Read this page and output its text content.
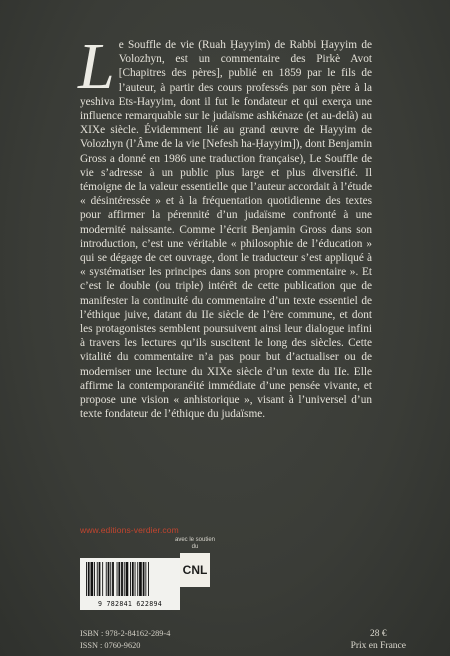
L e Souffle de vie (Ruah Ḥayyim) de Rabbi Ḥayyim de Volozhyn, est un commentaire des Pirkè Avot [Chapitres des pères], publié en 1859 par le fils de l’auteur, à partir des cours professés par son père à la yeshiva Ets-Hayyim, dont il fut le fondateur et qui exerça une influence remarquable sur le judaïsme ashkénaze (et au-delà) au XIXe siècle. Évidemment lié au grand œuvre de Hayyim de Volozhyn (l’Âme de la vie [Nefesh ha-Ḥayyim]), dont Benjamin Gross a donné en 1986 une traduction française), Le Souffle de vie s’adresse à un public plus large et plus diversifié. Il témoigne de la valeur essentielle que l’auteur accordait à l’étude « désintéressée » et à la fréquentation quotidienne des textes pour affirmer la pérennité d’un judaïsme confronté à une modernité naissante. Comme l’écrit Benjamin Gross dans son introduction, c’est une véritable « philosophie de l’éducation » qui se dégage de cet ouvrage, dont le traducteur s’est appliqué à « systématiser les principes dans son propre commentaire ». Et c’est le double (ou triple) intérêt de cette publication que de manifester la continuité du commentaire d’un texte essentiel de l’éthique juive, datant du IIe siècle de l’ère commune, et dont les protagonistes semblent poursuivent ainsi leur dialogue infini à travers les lectures qu’ils suscitent le long des siècles. Cette vitalité du commentaire n’a pas pour but d’actualiser ou de moderniser une lecture du XIXe siècle d’un texte du IIe. Elle affirme la contemporanéité immédiate d’une pensée vivante, et propose une vision « anhistorique », visant à l’universel d’un texte fondateur de l’éthique du judaïsme.

www.editions-verdier.com
9 782841 622894
avec le soutien du
CNL
ISBN : 978-2-84162-289-4
ISSN : 0760-9620
28 €
Prix en France
